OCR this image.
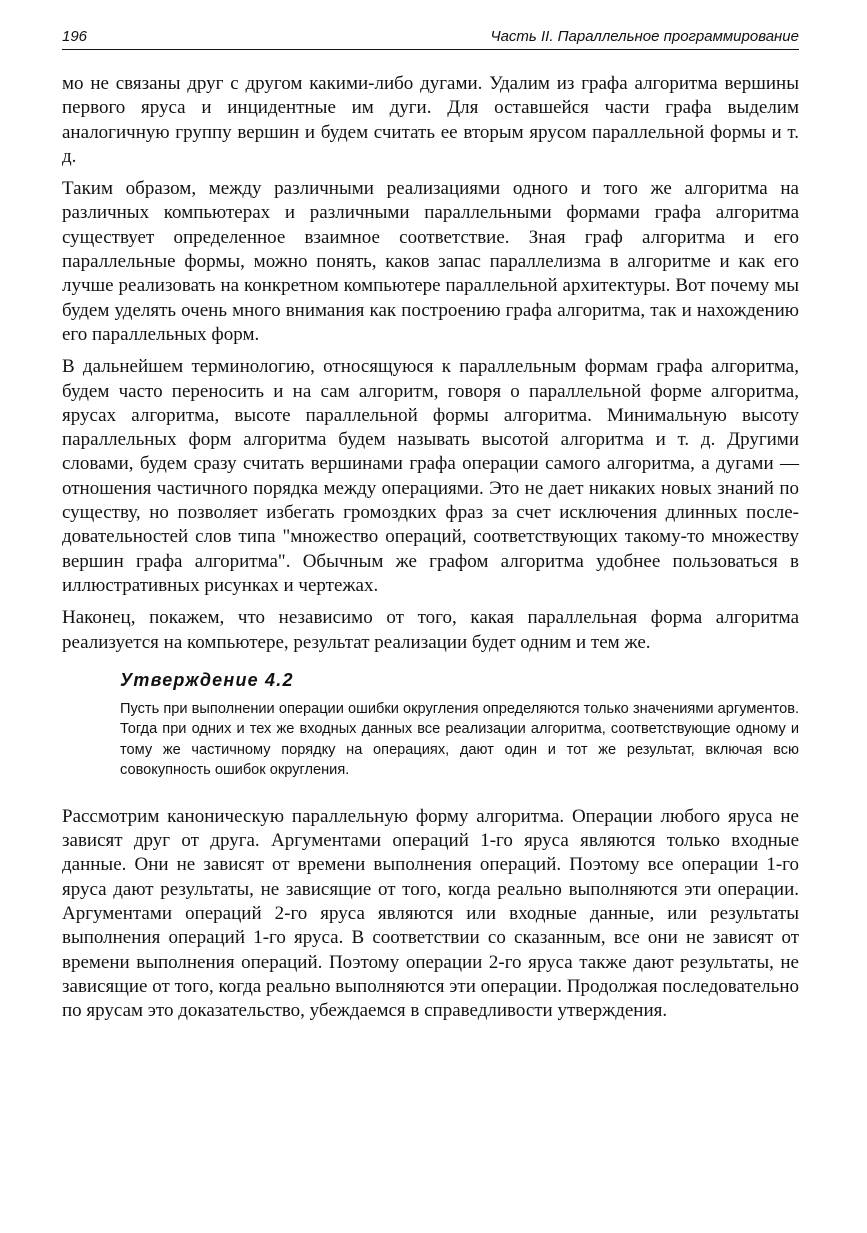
196	Часть II. Параллельное программирование

мо не связаны друг с другом какими-либо дугами. Удалим из графа алгоритма вершины первого яруса и инцидентные им дуги. Для оставшейся части графа выделим аналогичную группу вершин и будем считать ее вторым ярусом параллельной формы и т. д.

Таким образом, между различными реализациями одного и того же алгоритма на различных компьютерах и различными параллельными формами графа алгоритма существует определенное взаимное соответствие. Зная граф алгоритма и его параллельные формы, можно понять, каков запас параллелизма в алгоритме и как его лучше реализовать на конкретном компьютере параллельной архитектуры. Вот почему мы будем уделять очень много внимания как построению графа алгоритма, так и нахождению его параллельных форм.

В дальнейшем терминологию, относящуюся к параллельным формам графа алгоритма, будем часто переносить и на сам алгоритм, говоря о параллельной форме алгоритма, ярусах алгоритма, высоте параллельной формы алгоритма. Минимальную высоту параллельных форм алгоритма будем называть высотой алгоритма и т. д. Другими словами, будем сразу считать вершинами графа операции самого алгоритма, а дугами — отношения частичного порядка между операциями. Это не дает никаких новых знаний по существу, но позволяет избегать громоздких фраз за счет исключения длинных последовательностей слов типа "множество операций, соответствующих такому-то множеству вершин графа алгоритма". Обычным же графом алгоритма удобнее пользоваться в иллюстративных рисунках и чертежах.

Наконец, покажем, что независимо от того, какая параллельная форма алгоритма реализуется на компьютере, результат реализации будет одним и тем же.

Утверждение 4.2
Пусть при выполнении операции ошибки округления определяются только значениями аргументов. Тогда при одних и тех же входных данных все реализации алгоритма, соответствующие одному и тому же частичному порядку на операциях, дают один и тот же результат, включая всю совокупность ошибок округления.

Рассмотрим каноническую параллельную форму алгоритма. Операции любого яруса не зависят друг от друга. Аргументами операций 1-го яруса являются только входные данные. Они не зависят от времени выполнения операций. Поэтому все операции 1-го яруса дают результаты, не зависящие от того, когда реально выполняются эти операции. Аргументами операций 2-го яруса являются или входные данные, или результаты выполнения операций 1-го яруса. В соответствии со сказанным, все они не зависят от времени выполнения операций. Поэтому операции 2-го яруса также дают результаты, не зависящие от того, когда реально выполняются эти операции. Продолжая последовательно по ярусам это доказательство, убеждаемся в справедливости утверждения.
